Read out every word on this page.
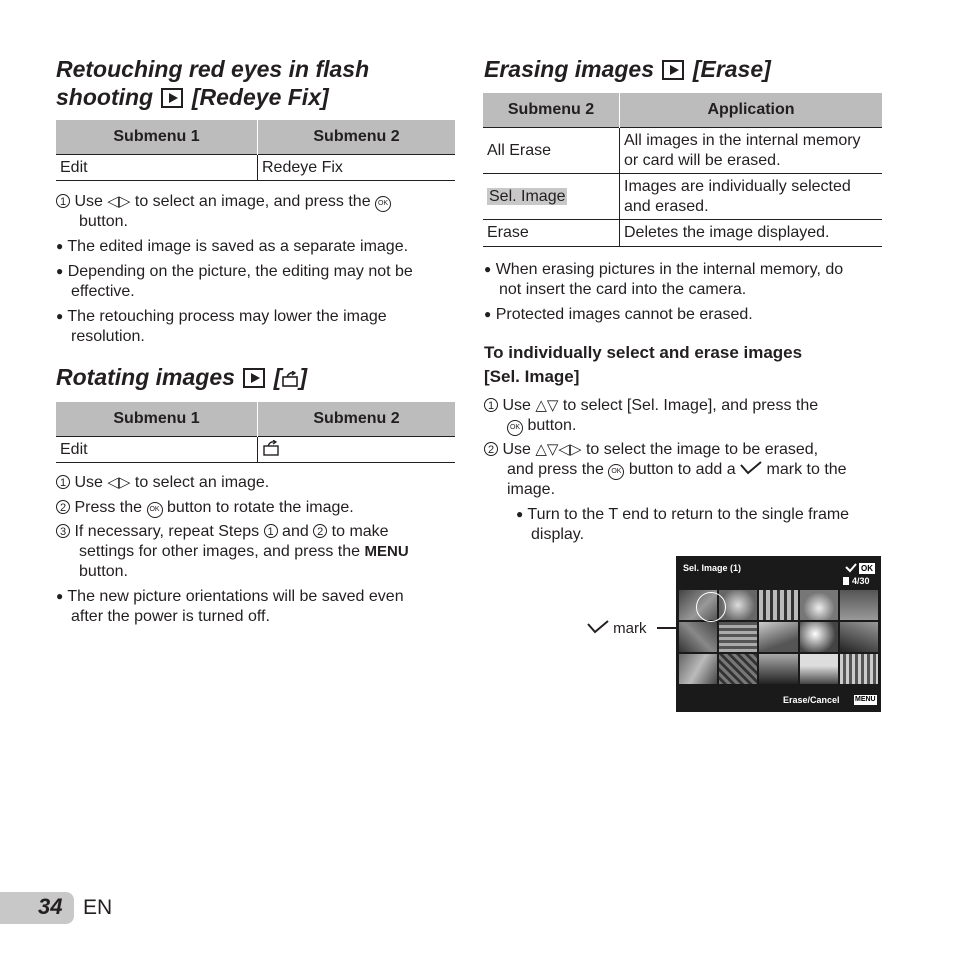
Retouching red eyes in flash
shooting [Redeye Fix]

Submenu 1	Submenu 2
Edit	Redeye Fix

1 Use ◁▷ to select an image, and press the OK

button.

● The edited image is saved as a separate image.

● Depending on the picture, the editing may not be

effective.

● The retouching process may lower the image

resolution.

Rotating images  [ ]

Submenu 1	Submenu 2
Edit	

1 Use ◁▷ to select an image.

2 Press the OK button to rotate the image.

3 If necessary, repeat Steps 1 and 2 to make

settings for other images, and press the MENU

button.

● The new picture orientations will be saved even

after the power is turned off.

Erasing images [Erase]

Submenu 2	Application
All Erase	All images in the internal memory
or card will be erased.
Sel. Image	Images are individually selected
and erased.
Erase	Deletes the image displayed.

● When erasing pictures in the internal memory, do

not insert the card into the camera.

● Protected images cannot be erased.

To individually select and erase images

[Sel. Image]

1 Use △▽ to select [Sel. Image], and press the

OK button.

2 Use △▽◁▷ to select the image to be erased,

and press the OK button to add a mark to the

image.

● Turn to the T end to return to the single frame

display.

mark
Sel. Image (1)	OK
4/30
Erase/Cancel MENU
34 EN
